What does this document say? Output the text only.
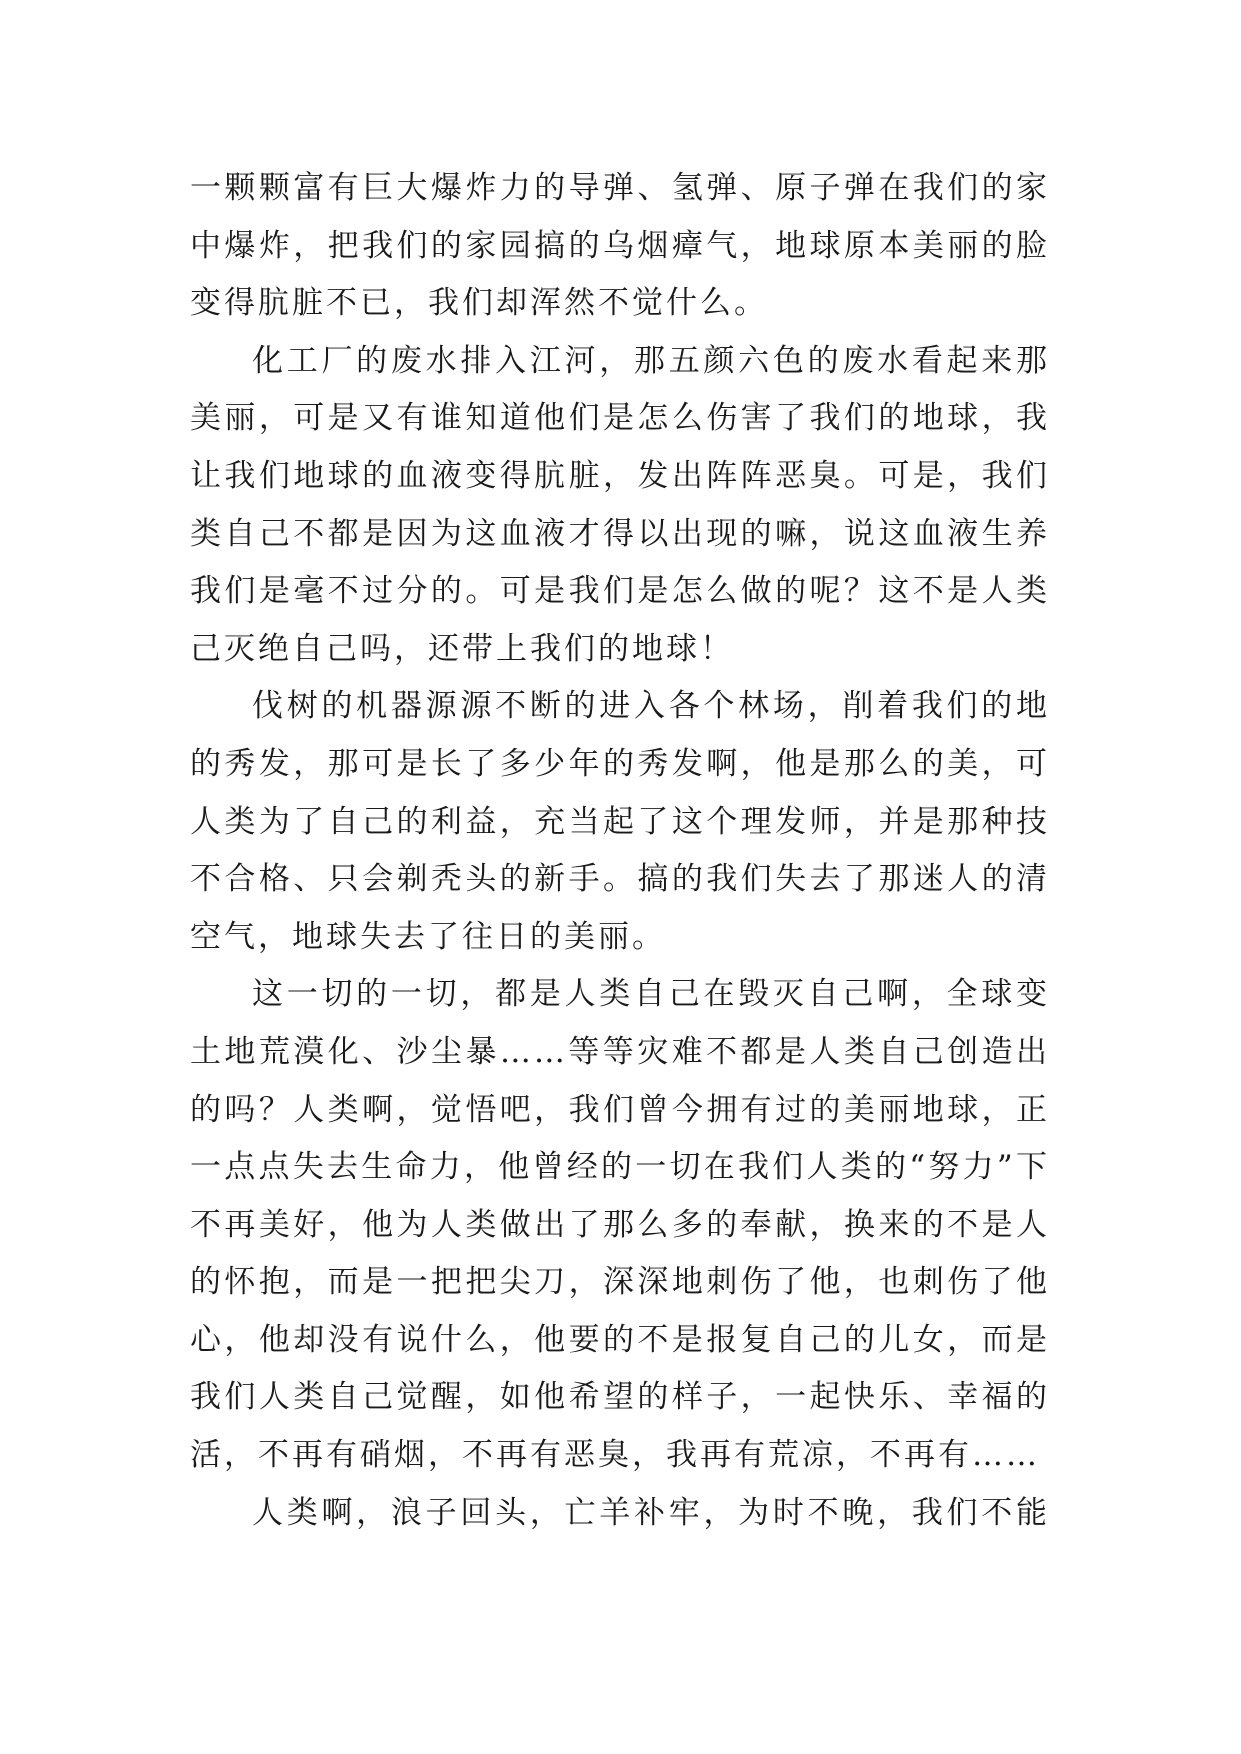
一颗颗富有巨大爆炸力的导弹、氢弹、原子弹在我们的家
中爆炸，把我们的家园搞的乌烟瘴气，地球原本美丽的脸
变得肮脏不已，我们却浑然不觉什么。
化工厂的废水排入江河，那五颜六色的废水看起来那
美丽，可是又有谁知道他们是怎么伤害了我们的地球，我
让我们地球的血液变得肮脏，发出阵阵恶臭。可是，我们
类自己不都是因为这血液才得以出现的嘛，说这血液生养
我们是毫不过分的。可是我们是怎么做的呢？这不是人类
己灭绝自己吗，还带上我们的地球！
伐树的机器源源不断的进入各个林场，削着我们的地
的秀发，那可是长了多少年的秀发啊，他是那么的美，可
人类为了自己的利益，充当起了这个理发师，并是那种技
不合格、只会剃秃头的新手。搞的我们失去了那迷人的清
空气，地球失去了往日的美丽。
这一切的一切，都是人类自己在毁灭自己啊，全球变
土地荒漠化、沙尘暴……等等灾难不都是人类自己创造出
的吗？人类啊，觉悟吧，我们曾今拥有过的美丽地球，正
一点点失去生命力，他曾经的一切在我们人类的“努力”下
不再美好，他为人类做出了那么多的奉献，换来的不是人
的怀抱，而是一把把尖刀，深深地刺伤了他，也刺伤了他
心，他却没有说什么，他要的不是报复自己的儿女，而是
我们人类自己觉醒，如他希望的样子，一起快乐、幸福的
活，不再有硝烟，不再有恶臭，我再有荒凉，不再有……
人类啊，浪子回头，亡羊补牢，为时不晚，我们不能
